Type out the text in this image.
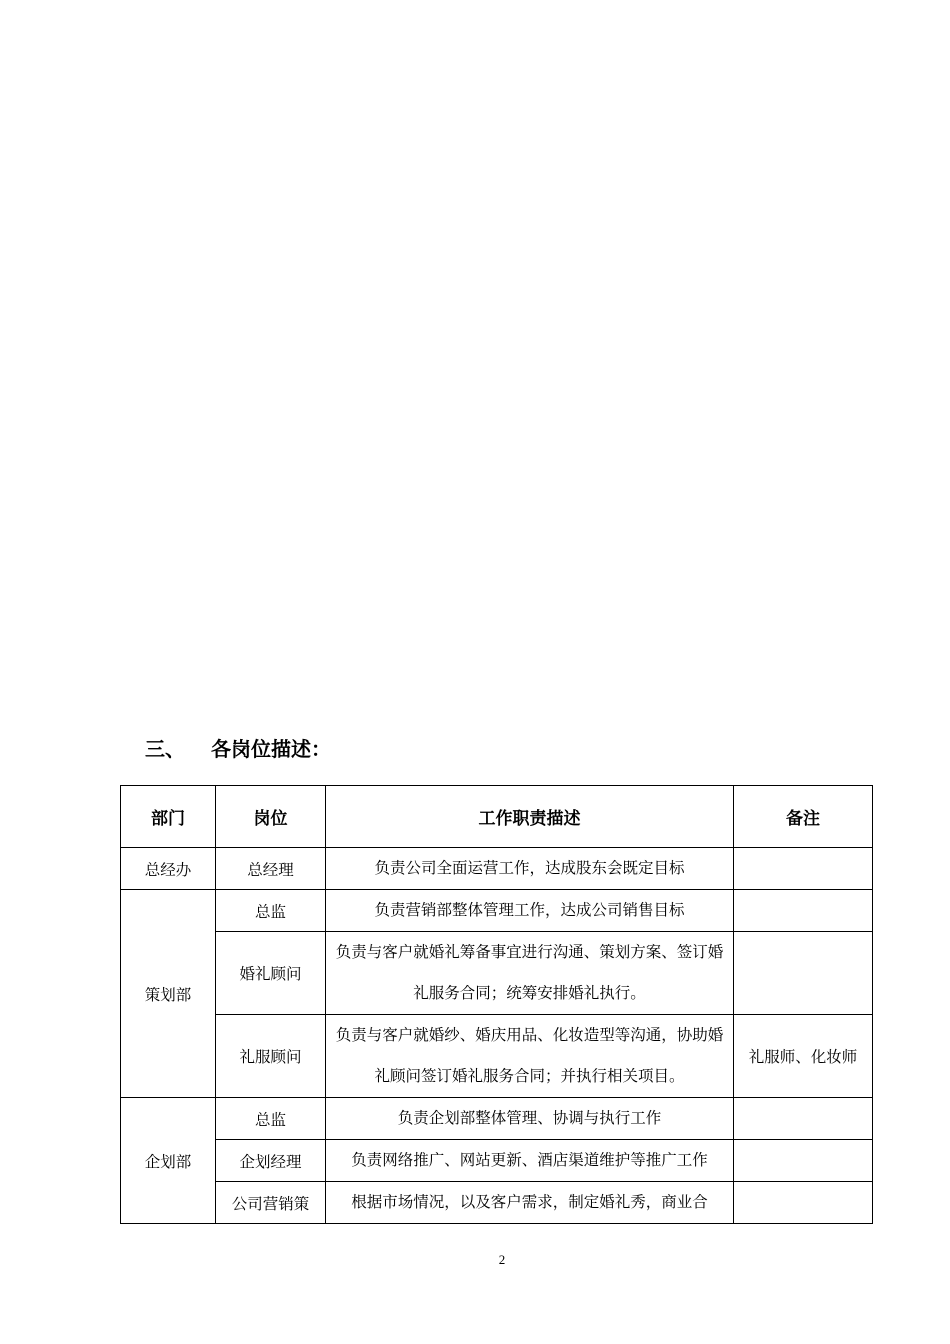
三、 各岗位描述：
部门	岗位	工作职责描述	备注
总经办	总经理	负责公司全面运营工作，达成股东会既定目标	
策划部	总监	负责营销部整体管理工作，达成公司销售目标	
	婚礼顾问	负责与客户就婚礼筹备事宜进行沟通、策划方案、签订婚礼服务合同；统筹安排婚礼执行。	
	礼服顾问	负责与客户就婚纱、婚庆用品、化妆造型等沟通，协助婚礼顾问签订婚礼服务合同；并执行相关项目。	礼服师、化妆师
企划部	总监	负责企划部整体管理、协调与执行工作	
	企划经理	负责网络推广、网站更新、酒店渠道维护等推广工作	
	公司营销策	根据市场情况，以及客户需求，制定婚礼秀，商业合	
2
